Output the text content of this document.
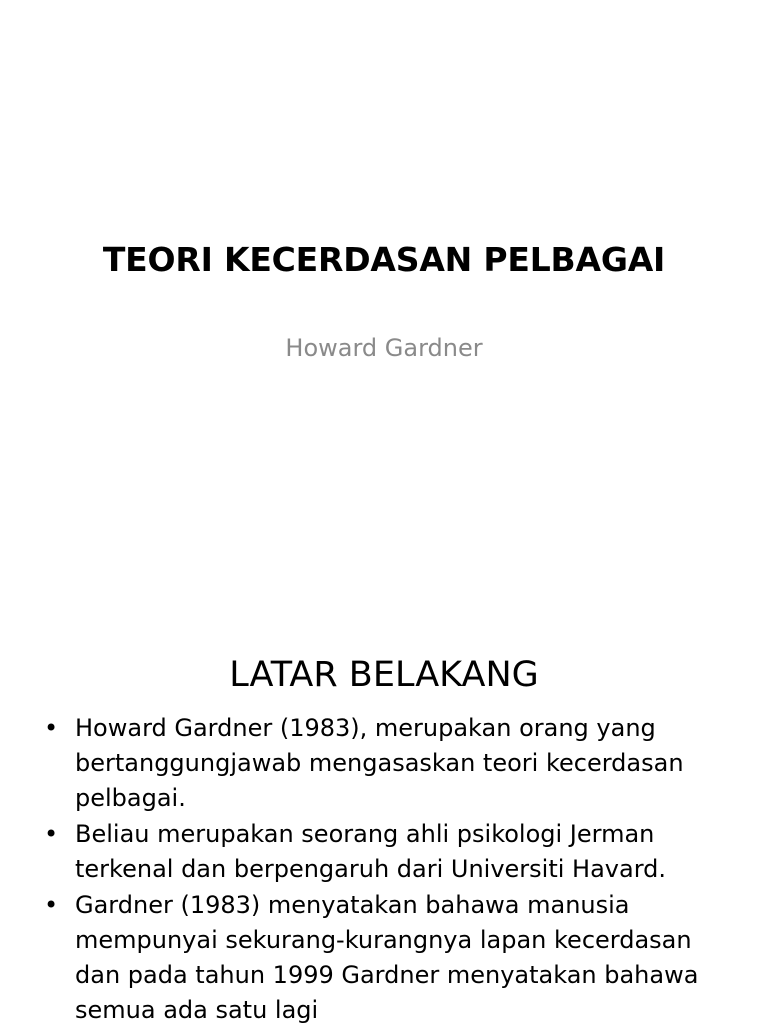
TEORI KECERDASAN PELBAGAI
Howard Gardner
LATAR BELAKANG
• Howard Gardner (1983), merupakan orang yang bertanggungjawab mengasaskan teori kecerdasan pelbagai.
• Beliau merupakan seorang ahli psikologi Jerman terkenal dan berpengaruh dari Universiti Havard.
• Gardner (1983) menyatakan bahawa manusia mempunyai sekurang-kurangnya lapan kecerdasan dan pada tahun 1999 Gardner menyatakan bahawa semua ada satu lagi
